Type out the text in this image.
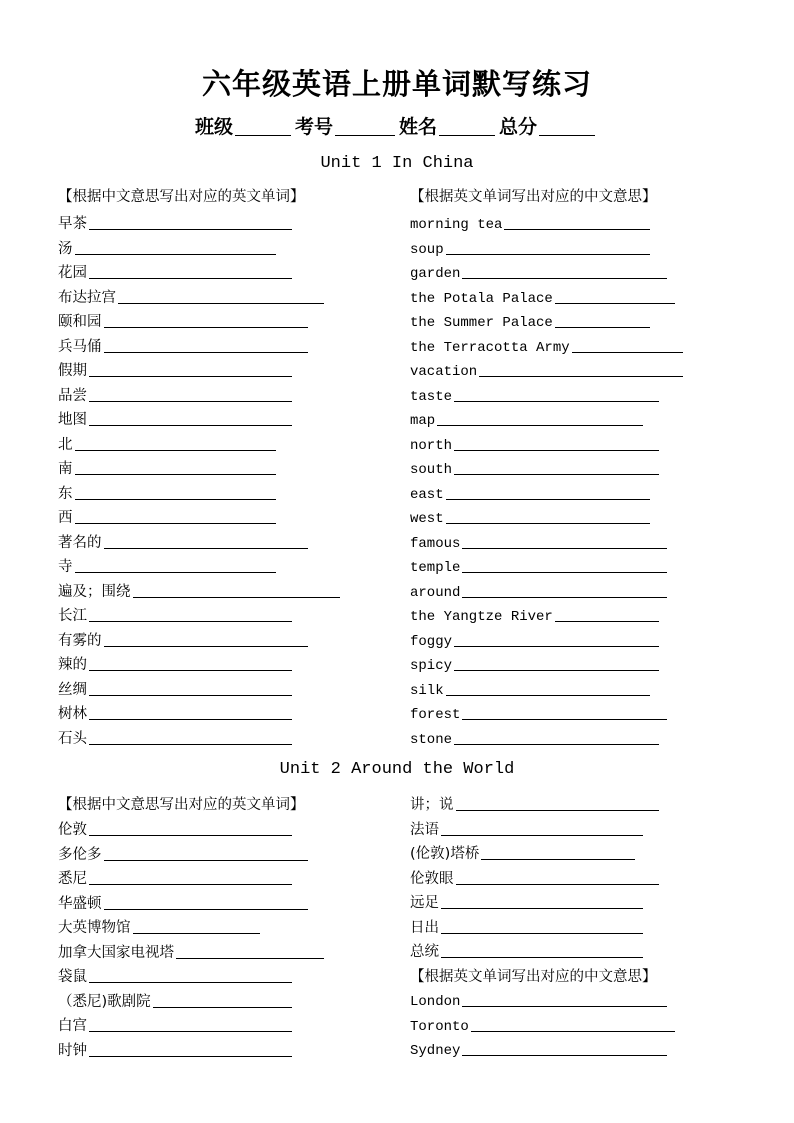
六年级英语上册单词默写练习
班级	考号	姓名	总分
Unit 1 In China
【根据中文意思写出对应的英文单词】	【根据英文单词写出对应的中文意思】
早茶
汤
花园
布达拉宫
颐和园
兵马俑
假期
品尝
地图
北
南
东
西
著名的
寺
遍及；围绕
长江
有雾的
辣的
丝绸
树林
石头
morning tea
soup
garden
the Potala Palace
the Summer Palace
the Terracotta Army
vacation
taste
map
north
south
east
west
famous
temple
around
the Yangtze River
foggy
spicy
silk
forest
stone
Unit 2 Around the World
【根据中文意思写出对应的英文单词】
伦敦
多伦多
悉尼
华盛顿
大英博物馆
加拿大国家电视塔
袋鼠
（悉尼)歌剧院
白宫
时钟
讲；说
法语
(伦敦)塔桥
伦敦眼
远足
日出
总统
【根据英文单词写出对应的中文意思】
London
Toronto
Sydney
